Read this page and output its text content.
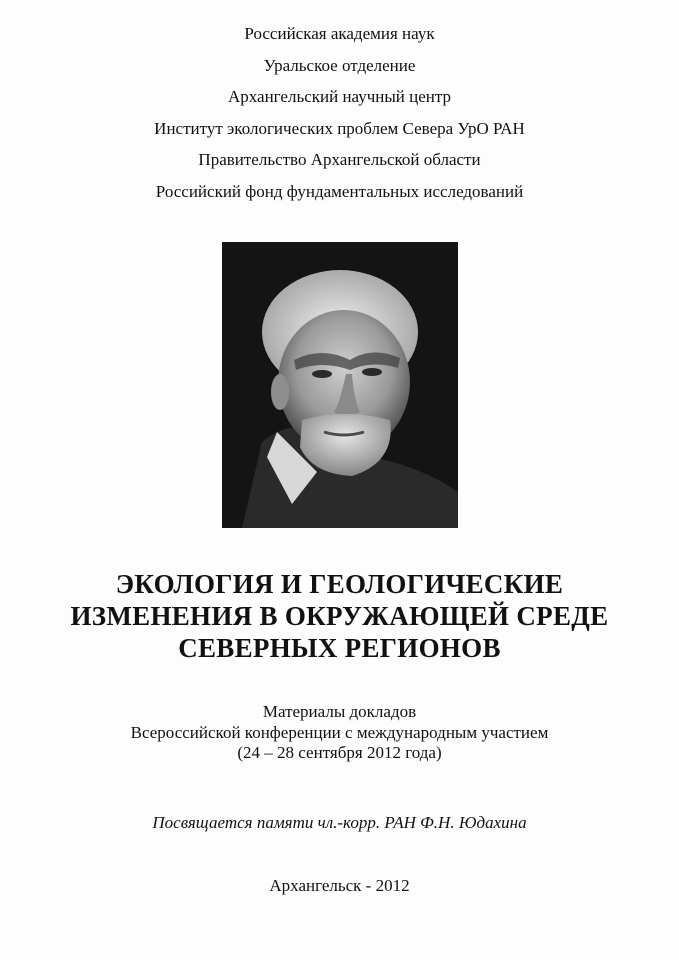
Российская академия наук
Уральское отделение
Архангельский научный центр
Институт экологических проблем Севера УрО РАН
Правительство Архангельской области
Российский фонд фундаментальных исследований
ЭКОЛОГИЯ И ГЕОЛОГИЧЕСКИЕ
ИЗМЕНЕНИЯ В ОКРУЖАЮЩЕЙ СРЕДЕ
СЕВЕРНЫХ РЕГИОНОВ
Материалы докладов
Всероссийской конференции с международным участием
(24 – 28 сентября 2012 года)
Посвящается памяти чл.-корр. РАН Ф.Н. Юдахина
Архангельск - 2012
